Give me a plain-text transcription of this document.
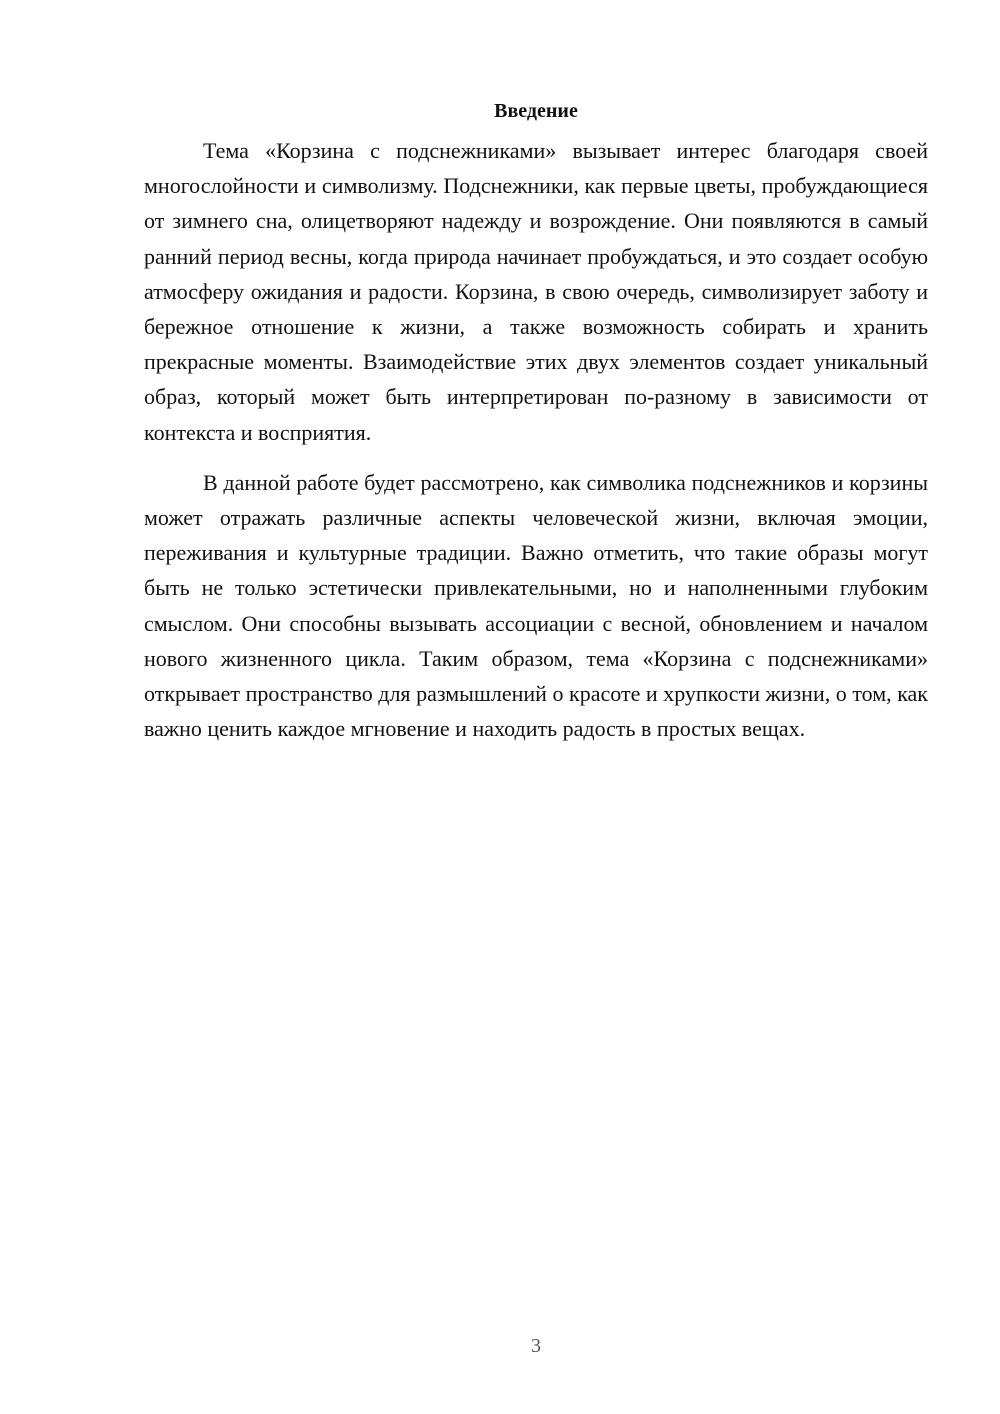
Введение

Тема «Корзина с подснежниками» вызывает интерес благодаря своей многослойности и символизму. Подснежники, как первые цветы, пробуждающиеся от зимнего сна, олицетворяют надежду и возрождение. Они появляются в самый ранний период весны, когда природа начинает пробуждаться, и это создает особую атмосферу ожидания и радости. Корзина, в свою очередь, символизирует заботу и бережное отношение к жизни, а также возможность собирать и хранить прекрасные моменты. Взаимодействие этих двух элементов создает уникальный образ, который может быть интерпретирован по-разному в зависимости от контекста и восприятия.

В данной работе будет рассмотрено, как символика подснежников и корзины может отражать различные аспекты человеческой жизни, включая эмоции, переживания и культурные традиции. Важно отметить, что такие образы могут быть не только эстетически привлекательными, но и наполненными глубоким смыслом. Они способны вызывать ассоциации с весной, обновлением и началом нового жизненного цикла. Таким образом, тема «Корзина с подснежниками» открывает пространство для размышлений о красоте и хрупкости жизни, о том, как важно ценить каждое мгновение и находить радость в простых вещах.

3
